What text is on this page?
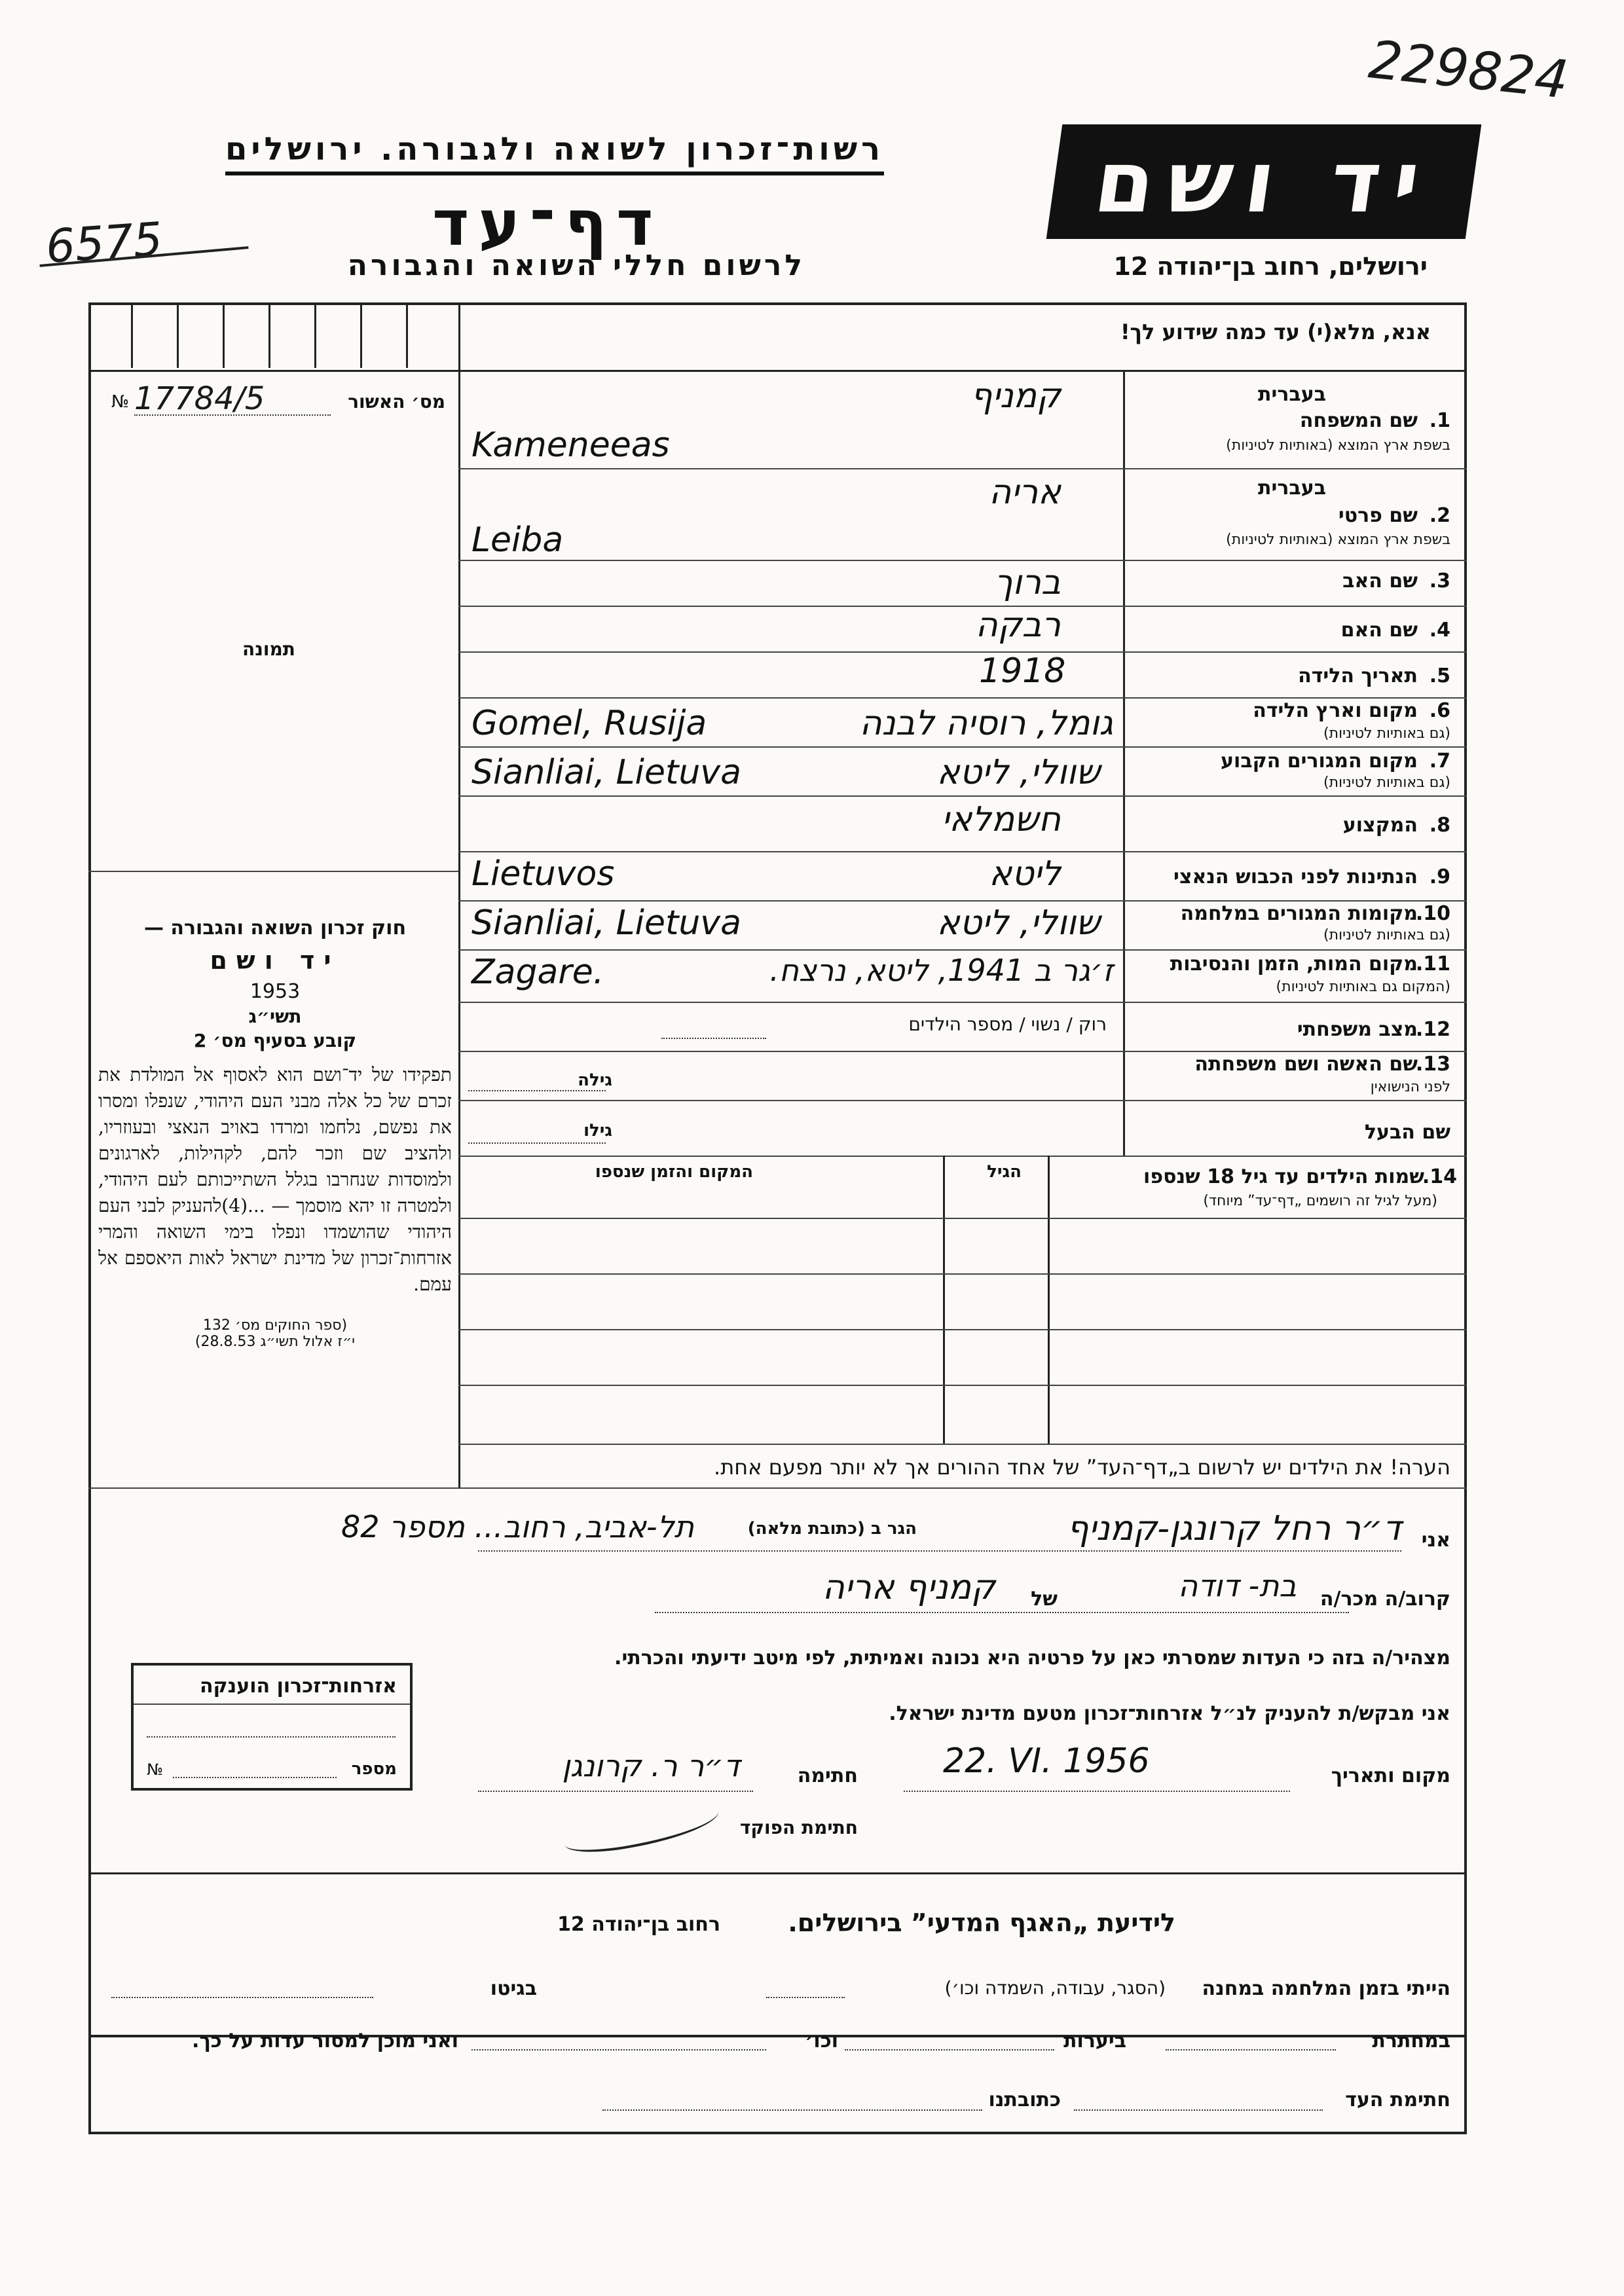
229824
יד ושם
רשות־זכרון לשואה ולגבורה. ירושלים
דף־עד
לרשום חללי השואה והגבורה	ירושלים, רחוב בן־יהודה 12
6575
אנא, מלא(י) עד כמה שידוע לך!
№ 17784/5	מס׳ האשור
תמונה
חוק זכרון השואה והגבורה —
יד ושם
1953
תשי״ג
קובע בסעיף מס׳ 2
תפקידו של יד־ושם הוא לאסוף אל המולדת את זכרם של כל אלה מבני העם היהודי, שנפלו ומסרו את נפשם, נלחמו ומרדו באויב הנאצי ובעוזריו, ולהציב שם וזכר להם, לקהילות, לארגונים ולמוסדות שנחרבו בגלל השתייכותם לעם היהודי, ולמטרה זו יהא מוסמך — ...(4)להעניק לבני העם היהודי שהושמדו ונפלו בימי השואה והמרי אזרחות־זכרון של מדינת ישראל לאות היאספם אל עמם.
(ספר החוקים מס׳ 132
י״ז אלול תשי״ג 28.8.53)
אזרחות־זכרון הוענקה
№	מספר
1.
שם המשפחה
בעברית
בשפת ארץ המוצא (באותיות לטיניות)
קמניף
Kameneeas
בעברית
2.
שם פרטי
בשפת ארץ המוצא (באותיות לטיניות)
אריה
Leiba
3.
שם האב
ברוך
4.
שם האם
רבקה
5.
תאריך הלידה
1918
6.
מקום וארץ הלידה
(גם באותיות לטיניות)
Gomel, Rusija	גומל, רוסיה לבנה
7.
מקום המגורים הקבוע
(גם באותיות לטיניות)
Sianliai, Lietuva	שוולי, ליטא
8.
המקצוע
חשמלאי
9.
הנתינות לפני הכבוש הנאצי
Lietuvos	ליטא
10.
מקומות המגורים במלחמה
(גם באותיות לטיניות)
Sianliai, Lietuva	שוולי, ליטא
11.
מקום המות, הזמן והנסיבות
(המקום גם באותיות לטיניות)
Zagare.	ז׳גר ב 1941, ליטא, נרצח.
12.
מצב משפחתי
רוק / נשוי / מספר הילדים
13.
שם האשה ושם משפחתה
לפני הנישואין
גילה
שם הבעל
גילו
14.
שמות הילדים עד גיל 18 שנספו
(מעל לגיל זה רושמים „דף־עד” מיוחד)
הגיל
המקום והזמן שנספו
הערה! את הילדים יש לרשום ב„דף־העד” של אחד ההורים אך לא יותר מפעם אחת.
אני
ד״ר רחל קרונגן-קמניף
הגר ב (כתובת מלאה)
תל-אביב, רחוב... מספר 82
קרוב/ה מכר/ה
בת- דודה
של
קמניף אריה
מצהיר/ה בזה כי העדות שמסרתי כאן על פרטיה היא נכונה ואמיתית, לפי מיטב ידיעתי והכרתי.
אני מבקש/ת להעניק לנ״ל אזרחות־זכרון מטעם מדינת ישראל.
מקום ותאריך
22. VI. 1956
חתימה
ד״ר ר. קרונגן
חתימת הפוקד
לידיעת „האגף המדעי” בירושלים.
רחוב בן־יהודה 12
הייתי בזמן המלחמה במחנה
(הסגר, עבודה, השמדה וכו׳)
בגיטו
במחתרת
ביערות
וכו׳
ואני מוכן למסור עדות על כך.
חתימת העד
כתובתנו
